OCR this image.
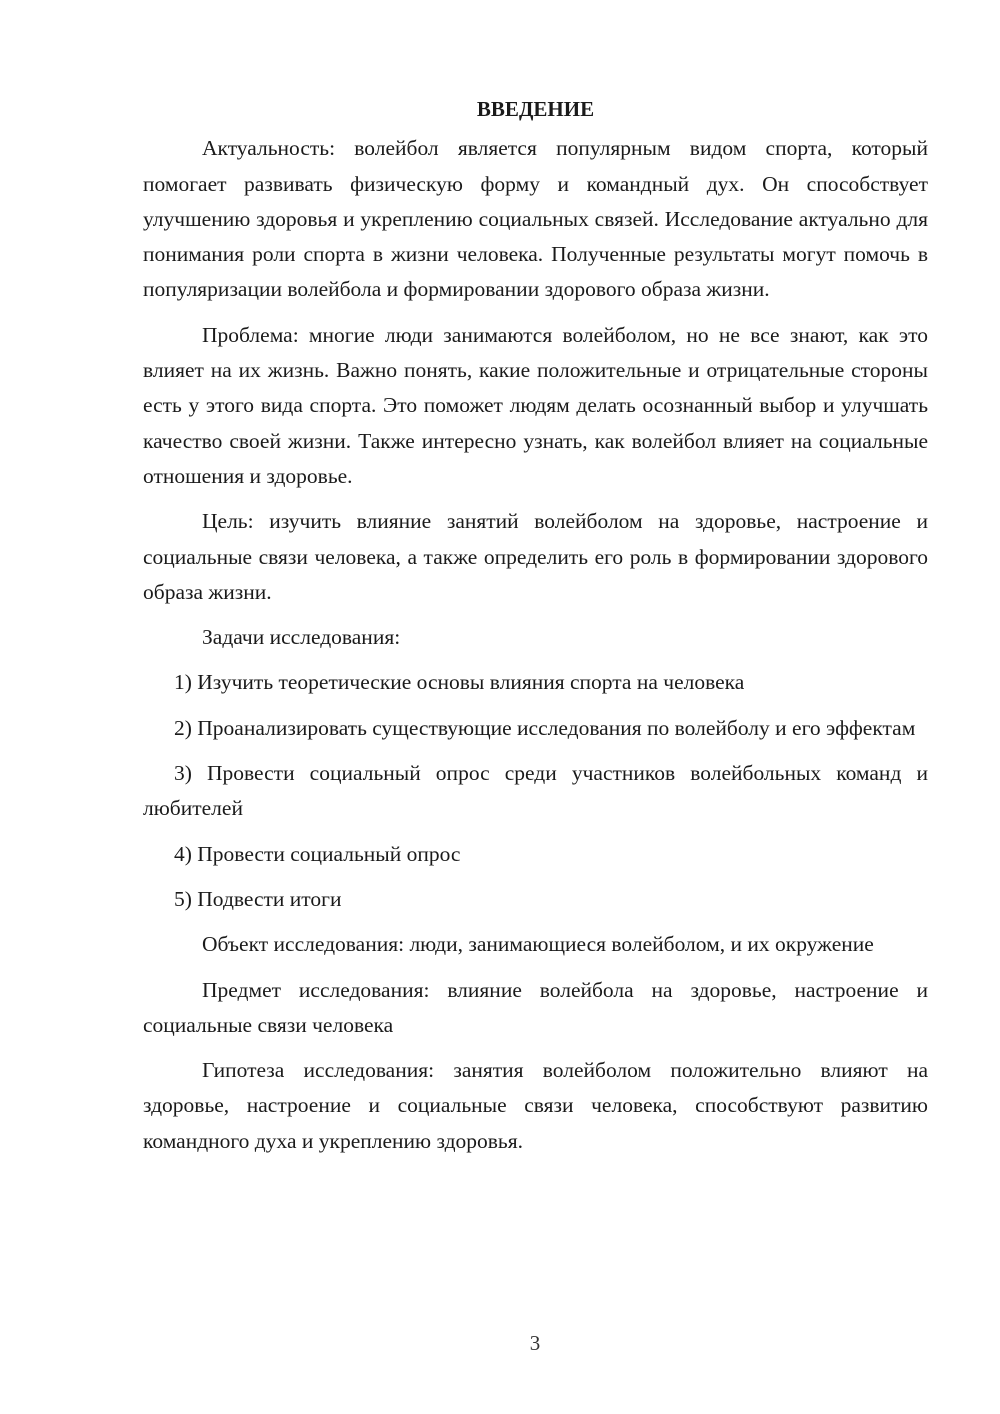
ВВЕДЕНИЕ

Актуальность: волейбол является популярным видом спорта, который помогает развивать физическую форму и командный дух. Он способствует улучшению здоровья и укреплению социальных связей. Исследование актуально для понимания роли спорта в жизни человека. Полученные результаты могут помочь в популяризации волейбола и формировании здорового образа жизни.

Проблема: многие люди занимаются волейболом, но не все знают, как это влияет на их жизнь. Важно понять, какие положительные и отрицательные стороны есть у этого вида спорта. Это поможет людям делать осознанный выбор и улучшать качество своей жизни. Также интересно узнать, как волейбол влияет на социальные отношения и здоровье.

Цель: изучить влияние занятий волейболом на здоровье, настроение и социальные связи человека, а также определить его роль в формировании здорового образа жизни.

Задачи исследования:

1) Изучить теоретические основы влияния спорта на человека

2) Проанализировать существующие исследования по волейболу и его эффектам

3) Провести социальный опрос среди участников волейбольных команд и любителей

4) Провести социальный опрос

5) Подвести итоги

Объект исследования: люди, занимающиеся волейболом, и их окружение

Предмет исследования: влияние волейбола на здоровье, настроение и социальные связи человека

Гипотеза исследования: занятия волейболом положительно влияют на здоровье, настроение и социальные связи человека, способствуют развитию командного духа и укреплению здоровья.

3
